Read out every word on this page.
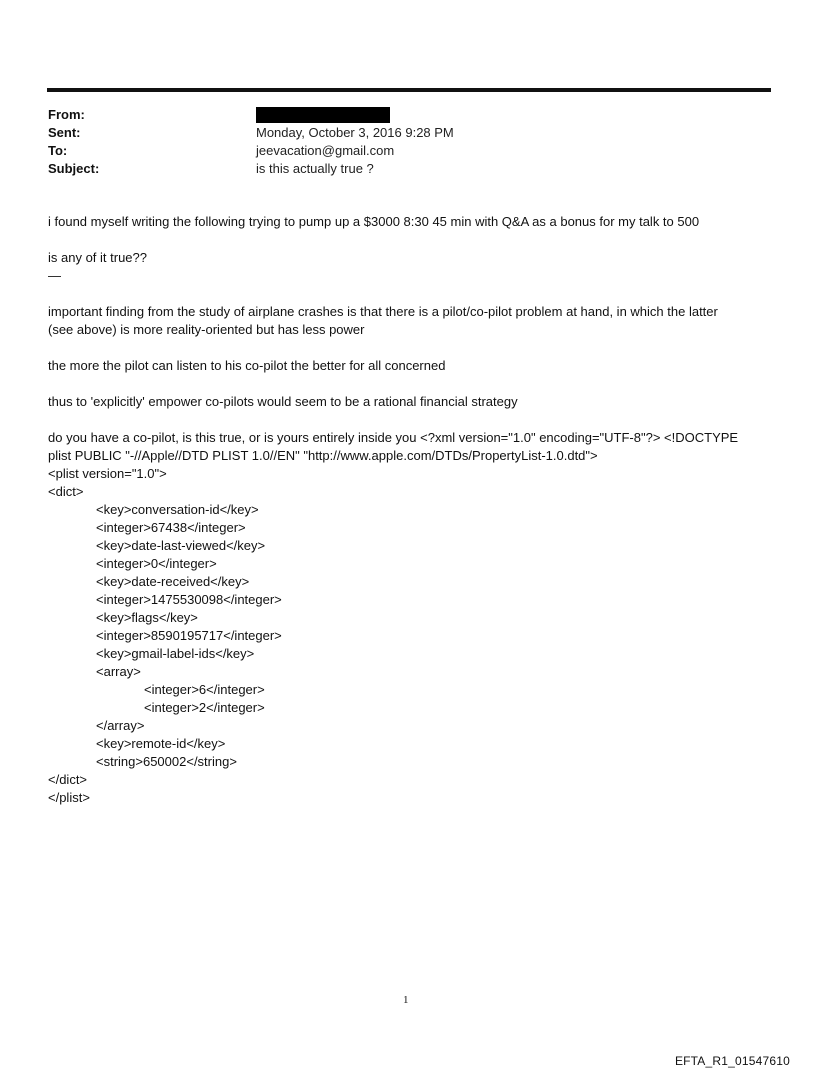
From:
Sent:	Monday, October 3, 2016 9:28 PM
To:	jeevacation@gmail.com
Subject:	is this actually true ?

i found myself writing the following trying to pump up a $3000 8:30 45 min with Q&A as a bonus for my talk to 500

is any of it true??

—

important finding from the study of airplane crashes is that there is a pilot/co-pilot problem at hand, in which the latter

(see above) is more reality-oriented but has less power

the more the pilot can listen to his co-pilot the better for all concerned

thus to 'explicitly' empower co-pilots would seem to be a rational financial strategy

do you have a co-pilot, is this true, or is yours entirely inside you <?xml version="1.0" encoding="UTF-8"?> <!DOCTYPE

plist PUBLIC "-//Apple//DTD PLIST 1.0//EN" "http://www.apple.com/DTDs/PropertyList-1.0.dtd">

<plist version="1.0">

<dict>

<key>conversation-id</key>

<integer>67438</integer>

<key>date-last-viewed</key>

<integer>0</integer>

<key>date-received</key>

<integer>1475530098</integer>

<key>flags</key>

<integer>8590195717</integer>

<key>gmail-label-ids</key>

<array>

<integer>6</integer>

<integer>2</integer>

</array>

<key>remote-id</key>

<string>650002</string>

</dict>

</plist>

1
EFTA_R1_01547610
